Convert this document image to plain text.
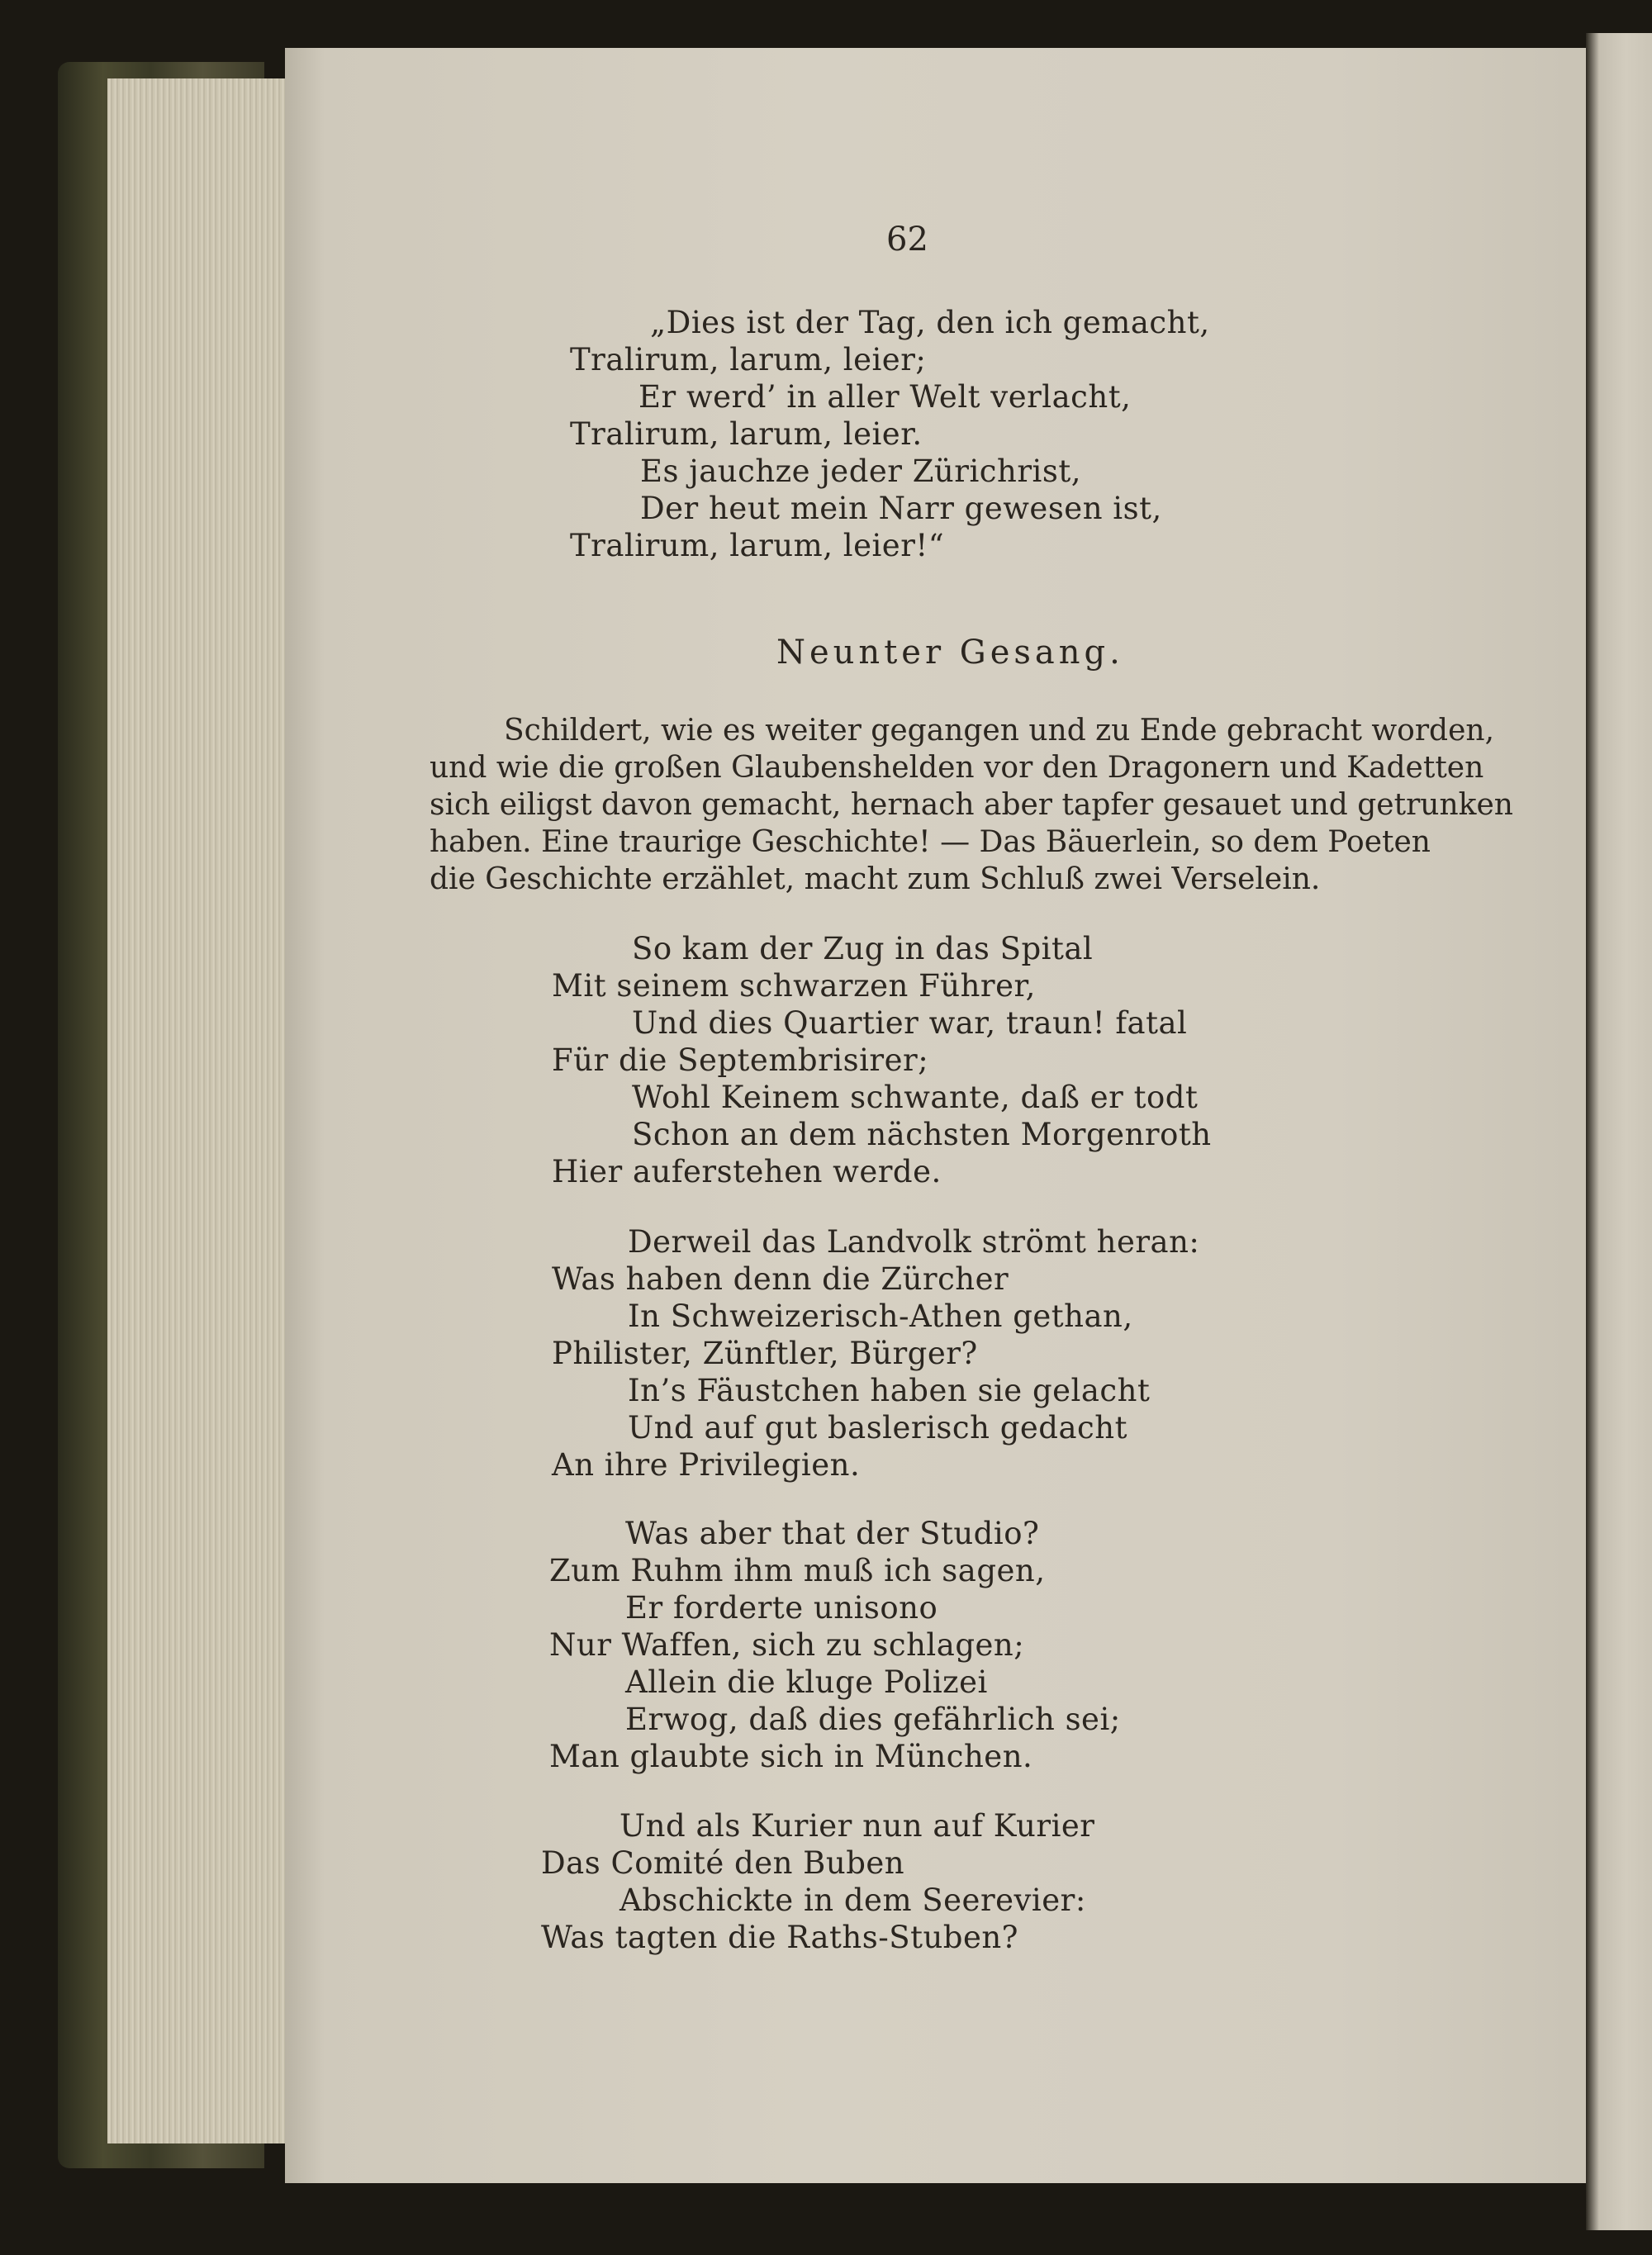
62
„Dies ist der Tag, den ich gemacht,
Tralirum, larum, leier;
Er werd’ in aller Welt verlacht,
Tralirum, larum, leier.
Es jauchze jeder Zürichrist,
Der heut mein Narr gewesen ist,
Tralirum, larum, leier!“
Neunter Gesang.
Schildert, wie es weiter gegangen und zu Ende gebracht worden,
und wie die großen Glaubenshelden vor den Dragonern und Kadetten
sich eiligst davon gemacht, hernach aber tapfer gesauet und getrunken
haben. Eine traurige Geschichte! — Das Bäuerlein, so dem Poeten
die Geschichte erzählet, macht zum Schluß zwei Verselein.
So kam der Zug in das Spital
Mit seinem schwarzen Führer,
Und dies Quartier war, traun! fatal
Für die Septembrisirer;
Wohl Keinem schwante, daß er todt
Schon an dem nächsten Morgenroth
Hier auferstehen werde.
Derweil das Landvolk strömt heran:
Was haben denn die Zürcher
In Schweizerisch-Athen gethan,
Philister, Zünftler, Bürger?
In’s Fäustchen haben sie gelacht
Und auf gut baslerisch gedacht
An ihre Privilegien.
Was aber that der Studio?
Zum Ruhm ihm muß ich sagen,
Er forderte unisono
Nur Waffen, sich zu schlagen;
Allein die kluge Polizei
Erwog, daß dies gefährlich sei;
Man glaubte sich in München.
Und als Kurier nun auf Kurier
Das Comité den Buben
Abschickte in dem Seerevier:
Was tagten die Raths-Stuben?
